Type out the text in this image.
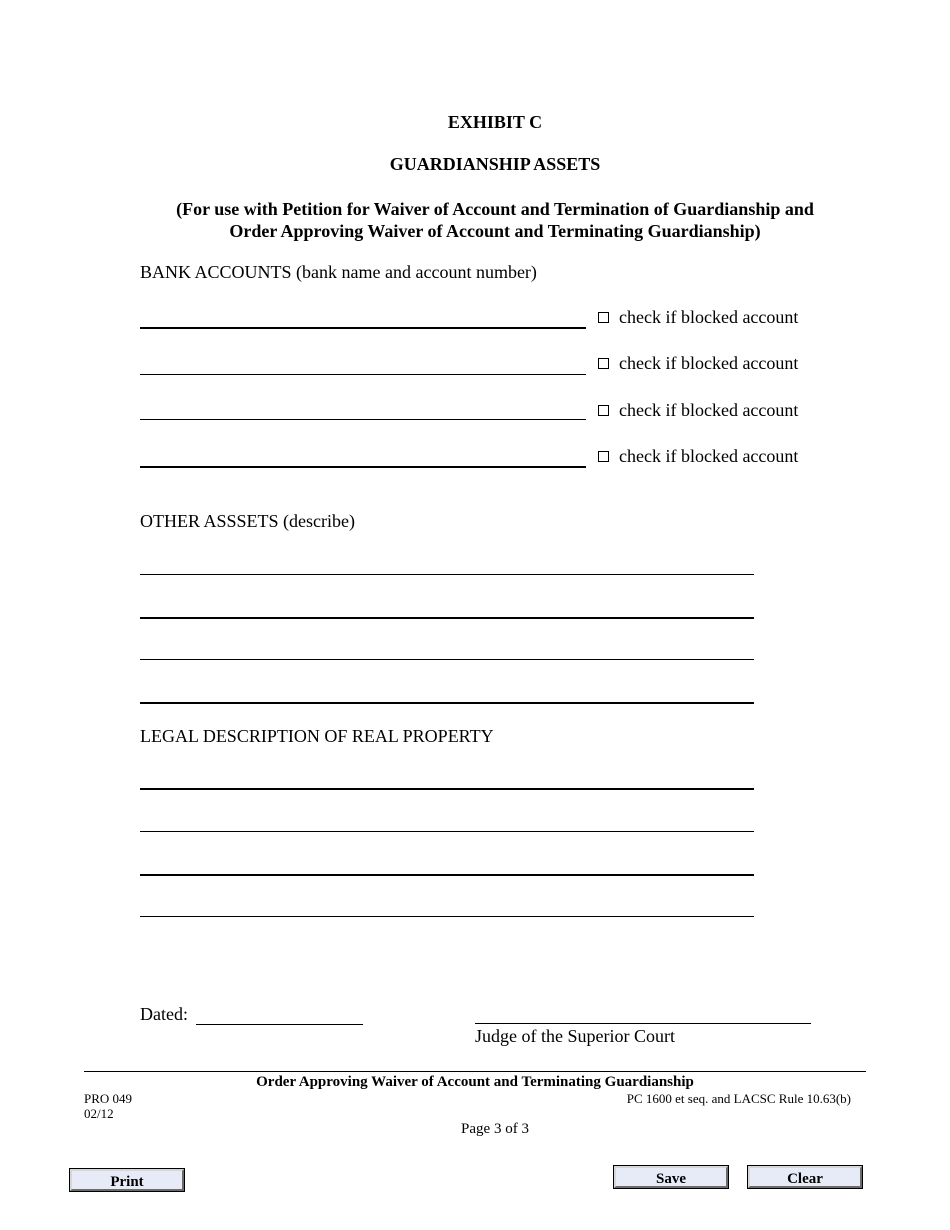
EXHIBIT C
GUARDIANSHIP ASSETS
(For use with Petition for Waiver of Account and Termination of Guardianship and
Order Approving Waiver of Account and Terminating Guardianship)
BANK ACCOUNTS (bank name and account number)
check if blocked account
check if blocked account
check if blocked account
check if blocked account
OTHER ASSSETS (describe)
LEGAL DESCRIPTION OF REAL PROPERTY
Dated:
Judge of the Superior Court
Order Approving Waiver of Account and Terminating Guardianship
PRO 049
02/12
PC 1600 et seq. and LACSC Rule 10.63(b)
Page 3 of 3
Print	Save	Clear
